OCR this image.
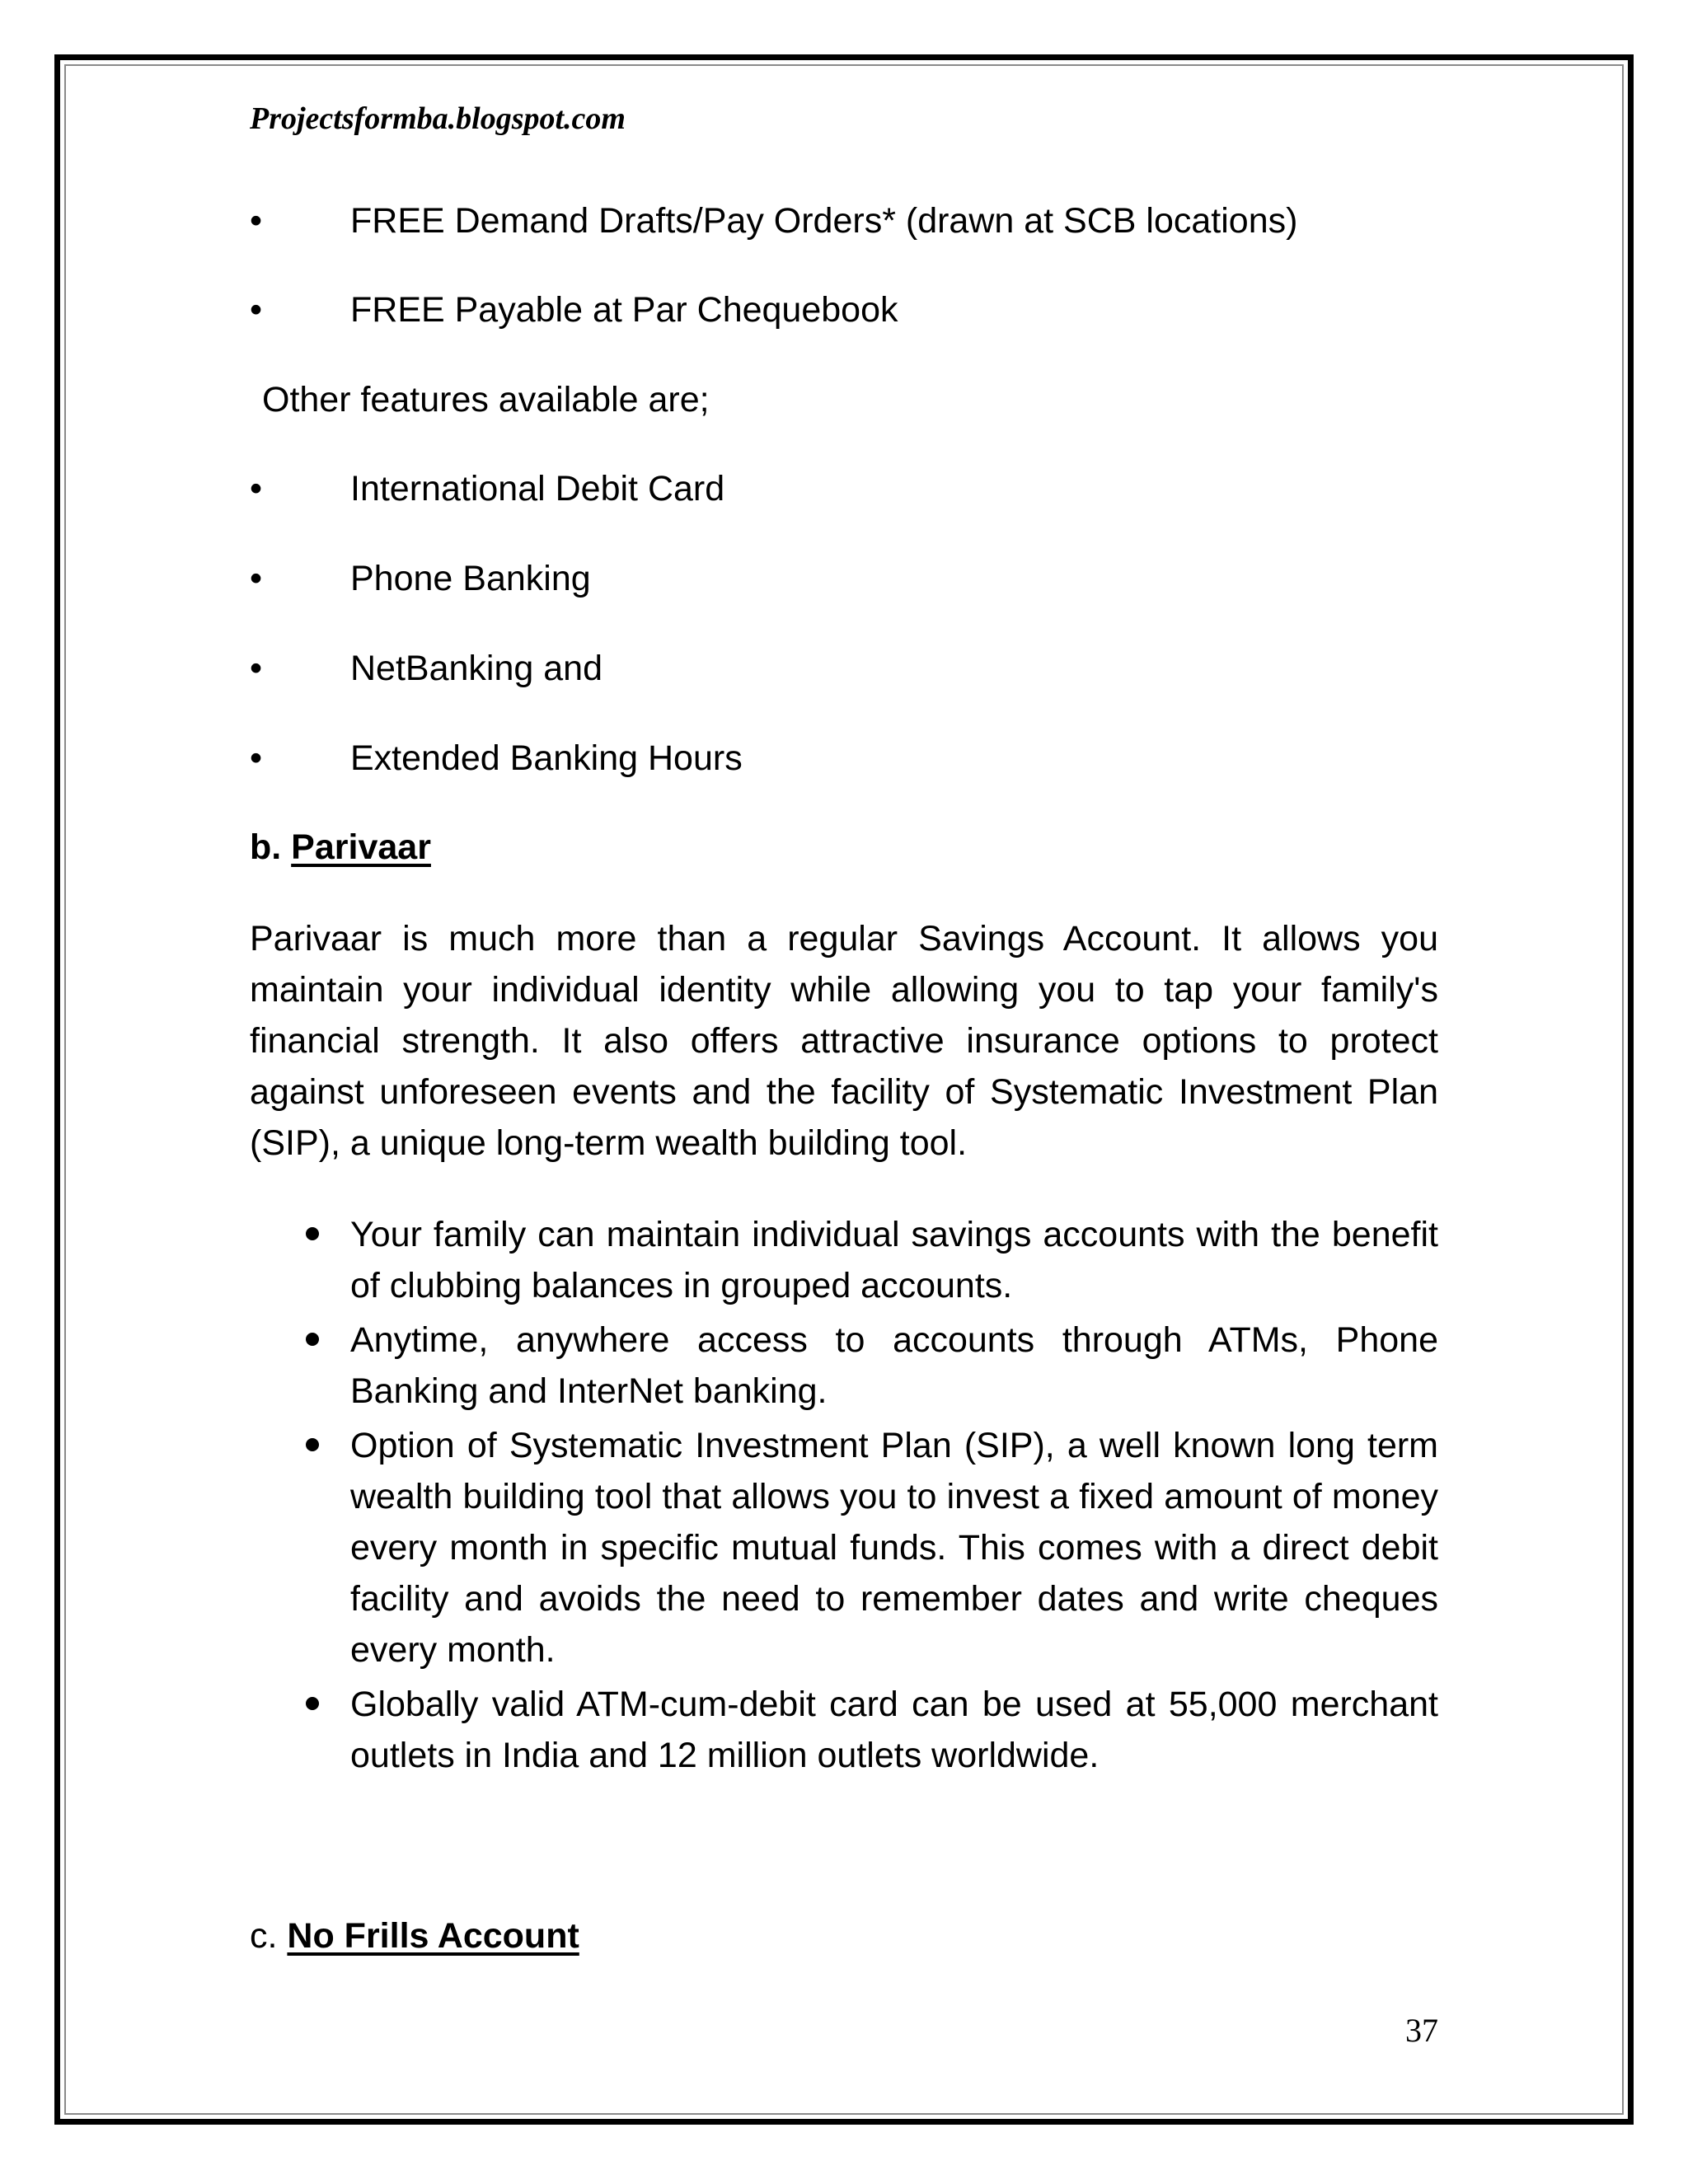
Projectsformba.blogspot.com
• FREE Demand Drafts/Pay Orders* (drawn at SCB locations)
• FREE Payable at Par Chequebook
Other features available are;
• International Debit Card
• Phone Banking
• NetBanking and
• Extended Banking Hours
b. Parivaar

Parivaar is much more than a regular Savings Account. It allows you maintain your individual identity while allowing you to tap your family's financial strength. It also offers attractive insurance options to protect against unforeseen events and the facility of Systematic Investment Plan (SIP), a unique long-term wealth building tool.

Your family can maintain individual savings accounts with the benefit of clubbing balances in grouped accounts.
Anytime, anywhere access to accounts through ATMs, Phone Banking and InterNet banking.
Option of Systematic Investment Plan (SIP), a well known long term wealth building tool that allows you to invest a fixed amount of money every month in specific mutual funds. This comes with a direct debit facility and avoids the need to remember dates and write cheques every month.
Globally valid ATM-cum-debit card can be used at 55,000 merchant outlets in India and 12 million outlets worldwide.
c. No Frills Account
37
